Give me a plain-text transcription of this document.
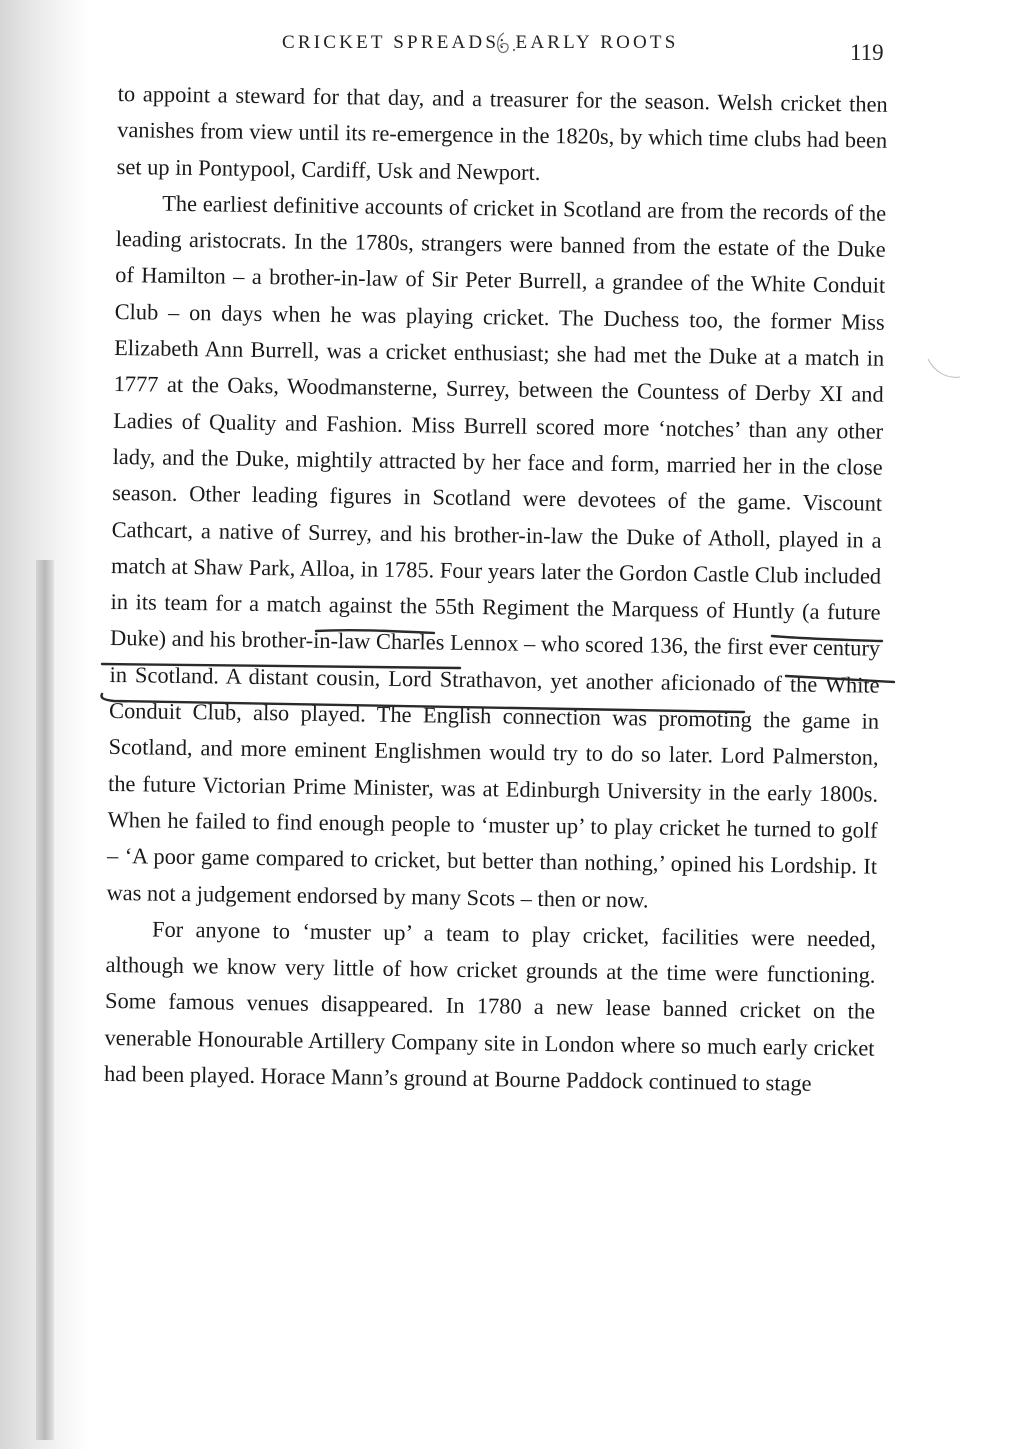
CRICKET SPREADS: EARLY ROOTS	119

to appoint a steward for that day, and a treasurer for the season. Welsh cricket then vanishes from view until its re-emergence in the 1820s, by which time clubs had been set up in Pontypool, Cardiff, Usk and Newport.

The earliest definitive accounts of cricket in Scotland are from the records of the leading aristocrats. In the 1780s, strangers were banned from the estate of the Duke of Hamilton – a brother-in-law of Sir Peter Burrell, a grandee of the White Conduit Club – on days when he was playing cricket. The Duchess too, the former Miss Elizabeth Ann Burrell, was a cricket enthusiast; she had met the Duke at a match in 1777 at the Oaks, Woodmansterne, Surrey, between the Countess of Derby XI and Ladies of Quality and Fashion. Miss Burrell scored more ‘notches’ than any other lady, and the Duke, mightily attracted by her face and form, married her in the close season. Other leading figures in Scotland were devotees of the game. Viscount Cathcart, a native of Surrey, and his brother-in-law the Duke of Atholl, played in a match at Shaw Park, Alloa, in 1785. Four years later the Gordon Castle Club included in its team for a match against the 55th Regiment the Marquess of Huntly (a future Duke) and his brother-in-law Charles Lennox – who scored 136, the first ever century in Scotland. A distant cousin, Lord Strathavon, yet another aficionado of the White Conduit Club, also played. The English connection was promoting the game in Scotland, and more eminent Englishmen would try to do so later. Lord Palmerston, the future Victorian Prime Minister, was at Edinburgh University in the early 1800s. When he failed to find enough people to ‘muster up’ to play cricket he turned to golf – ‘A poor game compared to cricket, but better than nothing,’ opined his Lordship. It was not a judgement endorsed by many Scots – then or now.

For anyone to ‘muster up’ a team to play cricket, facilities were needed, although we know very little of how cricket grounds at the time were functioning. Some famous venues disappeared. In 1780 a new lease banned cricket on the venerable Honourable Artillery Company site in London where so much early cricket had been played. Horace Mann’s ground at Bourne Paddock continued to stage
